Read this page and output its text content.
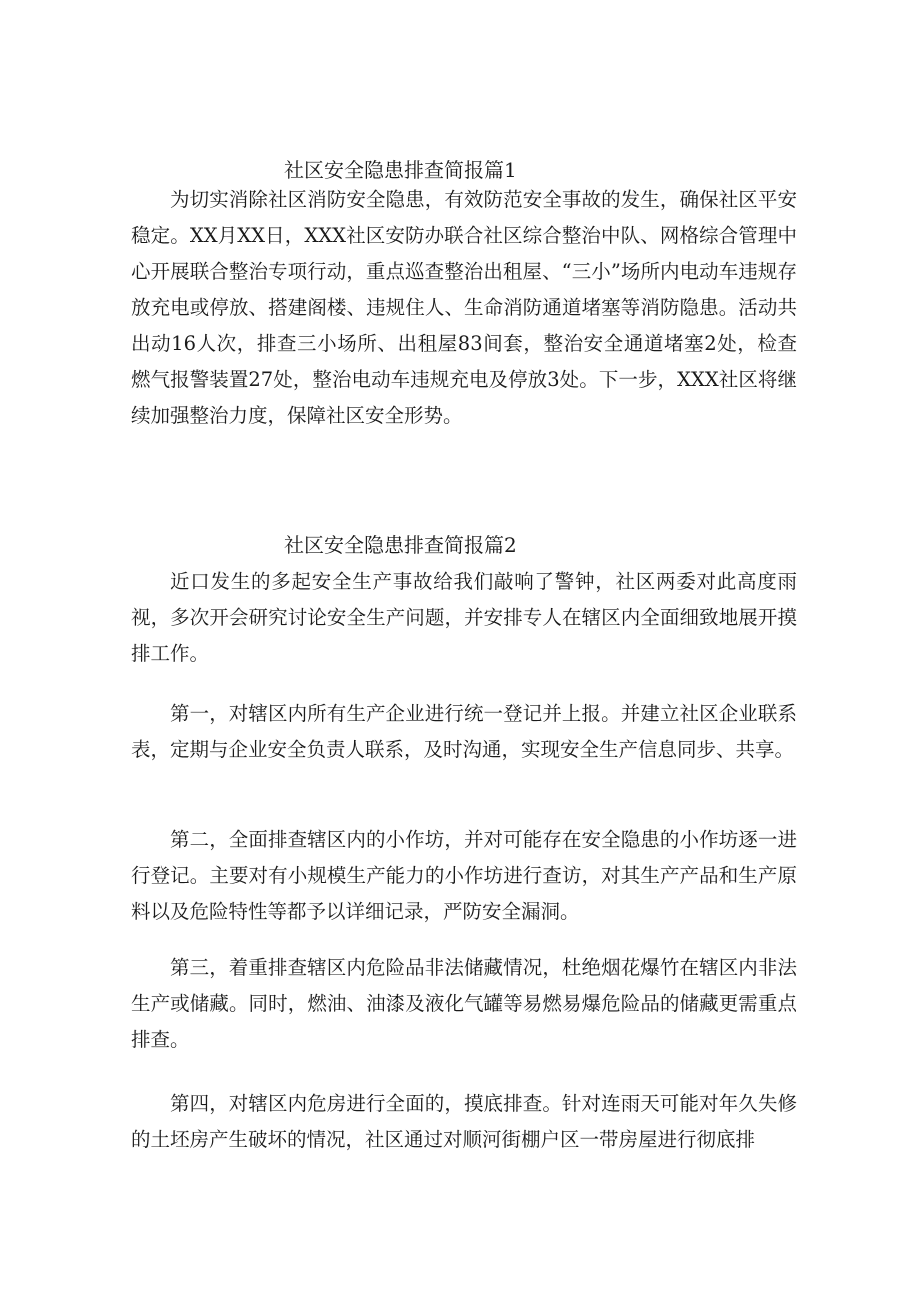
社区安全隐患排查简报篇1
为切实消除社区消防安全隐患，有效防范安全事故的发生，确保社区平安稳定。XX月XX日，XXX社区安防办联合社区综合整治中队、网格综合管理中心开展联合整治专项行动，重点巡查整治出租屋、“三小”场所内电动车违规存放充电或停放、搭建阁楼、违规住人、生命消防通道堵塞等消防隐患。活动共出动16人次，排查三小场所、出租屋83间套，整治安全通道堵塞2处，检查燃气报警装置27处，整治电动车违规充电及停放3处。下一步，XXX社区将继续加强整治力度，保障社区安全形势。
社区安全隐患排查简报篇2
近口发生的多起安全生产事故给我们敲响了警钟，社区两委对此高度雨视，多次开会研究讨论安全生产问题，并安排专人在辖区内全面细致地展开摸排工作。
第一，对辖区内所有生产企业进行统一登记并上报。并建立社区企业联系表，定期与企业安全负责人联系，及时沟通，实现安全生产信息同步、共享。
第二，全面排查辖区内的小作坊，并对可能存在安全隐患的小作坊逐一进行登记。主要对有小规模生产能力的小作坊进行查访，对其生产产品和生产原料以及危险特性等都予以详细记录，严防安全漏洞。
第三，着重排查辖区内危险品非法储藏情况，杜绝烟花爆竹在辖区内非法生产或储藏。同时，燃油、油漆及液化气罐等易燃易爆危险品的储藏更需重点排查。
第四，对辖区内危房进行全面的，摸底排查。针对连雨天可能对年久失修的土坯房产生破坏的情况，社区通过对顺河街棚户区一带房屋进行彻底排
